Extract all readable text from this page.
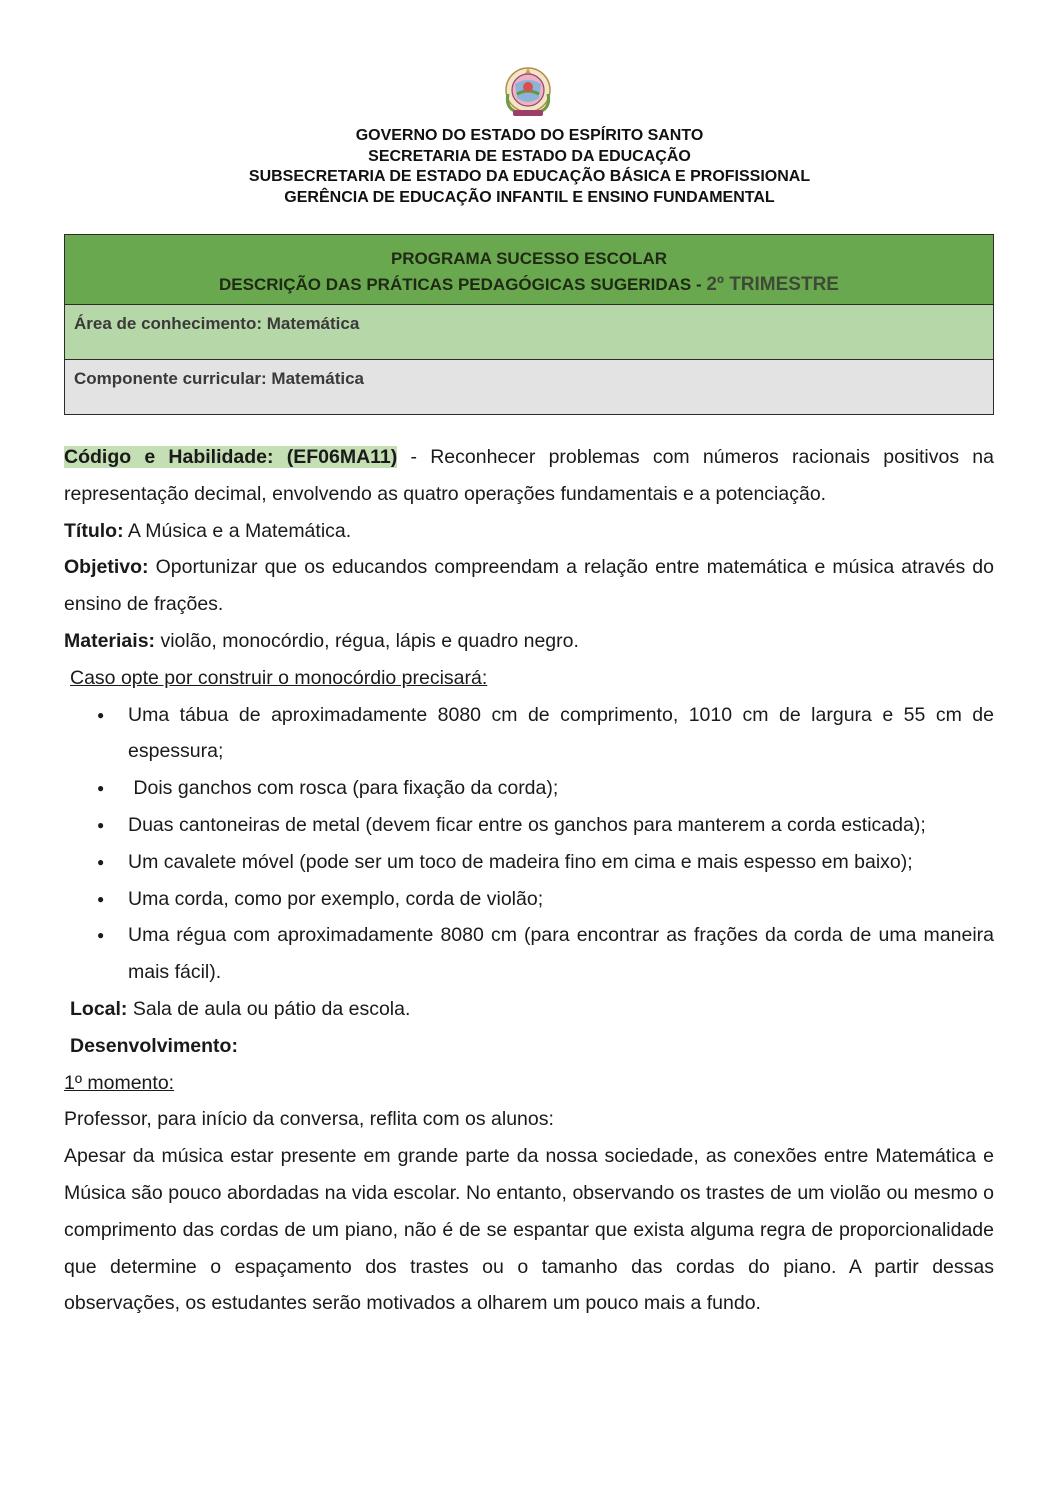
GOVERNO DO ESTADO DO ESPÍRITO SANTO
SECRETARIA DE ESTADO DA EDUCAÇÃO
SUBSECRETARIA DE ESTADO DA EDUCAÇÃO BÁSICA E PROFISSIONAL
GERÊNCIA DE EDUCAÇÃO INFANTIL E ENSINO FUNDAMENTAL
PROGRAMA SUCESSO ESCOLAR
DESCRIÇÃO DAS PRÁTICAS PEDAGÓGICAS SUGERIDAS - 2º TRIMESTRE
Área de conhecimento: Matemática
Componente curricular: Matemática

Código e Habilidade: (EF06MA11) - Reconhecer problemas com números racionais positivos na representação decimal, envolvendo as quatro operações fundamentais e a potenciação.

Título: A Música e a Matemática.

Objetivo: Oportunizar que os educandos compreendam a relação entre matemática e música através do ensino de frações.

Materiais: violão, monocórdio, régua, lápis e quadro negro.

Caso opte por construir o monocórdio precisará:

● Uma tábua de aproximadamente 8080 cm de comprimento, 1010 cm de largura e 55 cm de espessura;
●  Dois ganchos com rosca (para fixação da corda);
● Duas cantoneiras de metal (devem ficar entre os ganchos para manterem a corda esticada);
● Um cavalete móvel (pode ser um toco de madeira fino em cima e mais espesso em baixo);
● Uma corda, como por exemplo, corda de violão;
● Uma régua com aproximadamente 8080 cm (para encontrar as frações da corda de uma maneira mais fácil).

Local: Sala de aula ou pátio da escola.

Desenvolvimento:

1º momento:

Professor, para início da conversa, reflita com os alunos:

Apesar da música estar presente em grande parte da nossa sociedade, as conexões entre Matemática e Música são pouco abordadas na vida escolar. No entanto, observando os trastes de um violão ou mesmo o comprimento das cordas de um piano, não é de se espantar que exista alguma regra de proporcionalidade que determine o espaçamento dos trastes ou o tamanho das cordas do piano. A partir dessas observações, os estudantes serão motivados a olharem um pouco mais a fundo.
